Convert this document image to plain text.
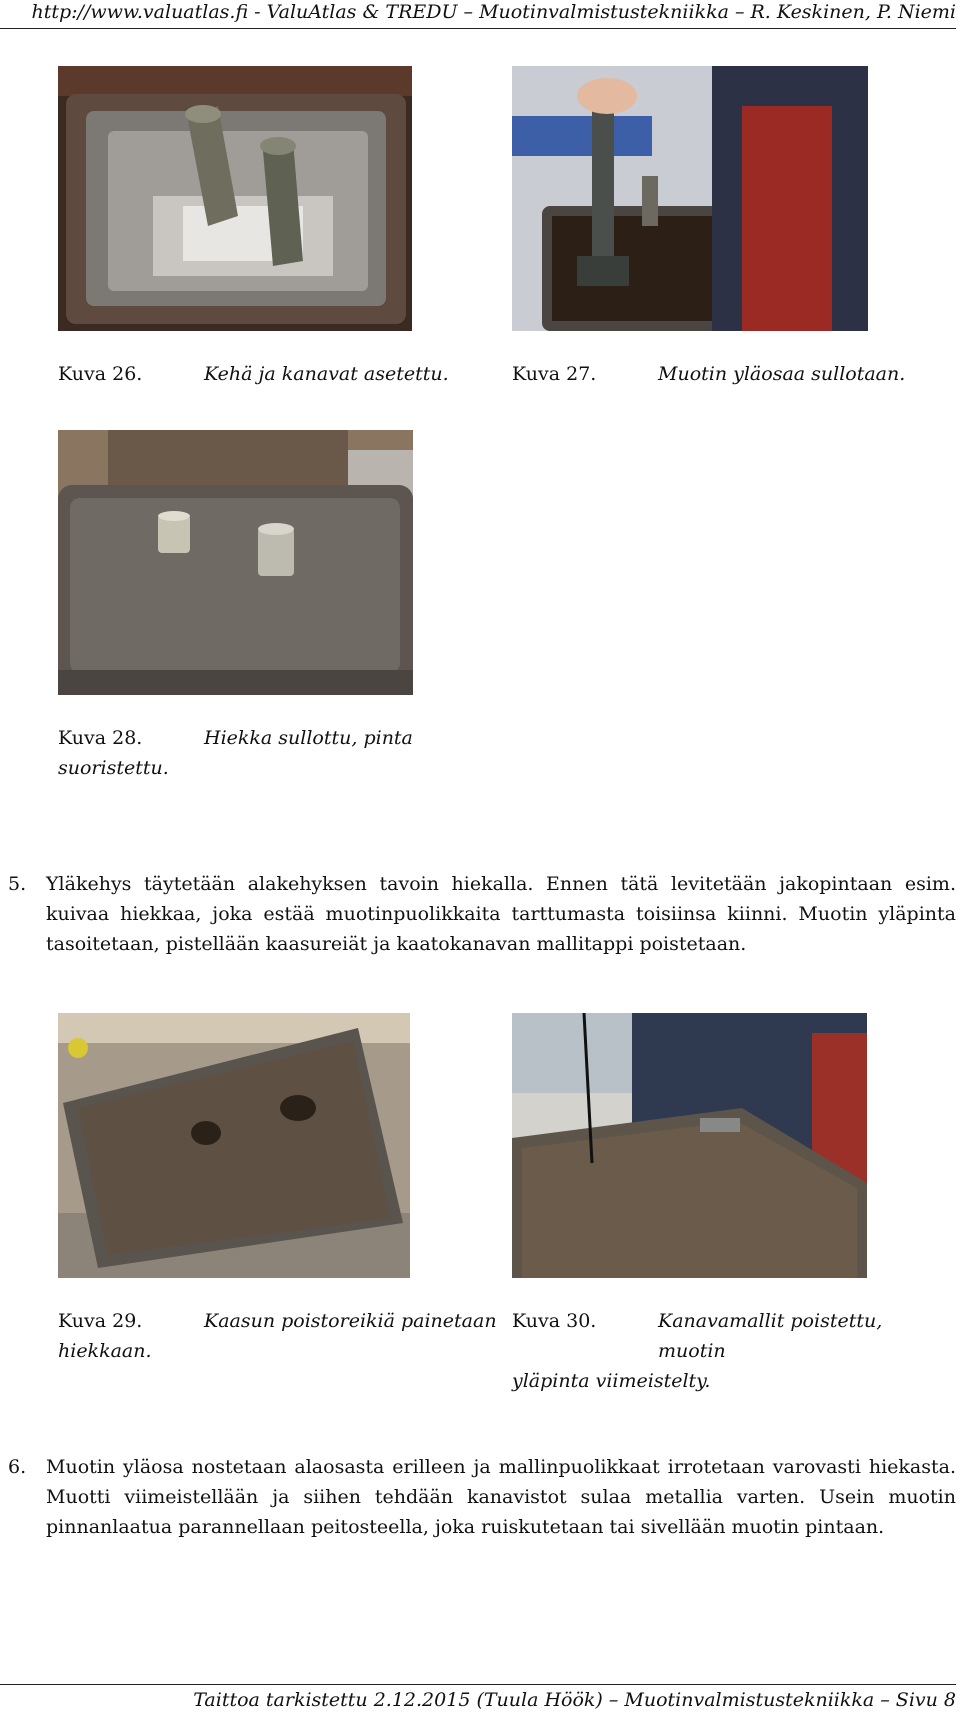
http://www.valuatlas.fi - ValuAtlas & TREDU – Muotinvalmistustekniikka – R. Keskinen, P. Niemi
Kuva 26.	Kehä ja kanavat asetettu.	Kuva 27.	Muotin yläosaa sullotaan.
Kuva 28.	Hiekka sullottu, pinta
suoristettu.
5.	Yläkehys täytetään alakehyksen tavoin hiekalla. Ennen tätä levitetään jakopintaan esim. kuivaa hiekkaa, joka estää muotinpuolikkaita tarttumasta toisiinsa kiinni. Muotin yläpinta tasoitetaan, pistellään kaasureiät ja kaatokanavan mallitappi poistetaan.
Kuva 29.	Kaasun poistoreikiä painetaan
hiekkaan.
Kuva 30.	Kanavamallit poistettu, muotin
yläpinta viimeistelty.
6.	Muotin yläosa nostetaan alaosasta erilleen ja mallinpuolikkaat irrotetaan varovasti hiekasta. Muotti viimeistellään ja siihen tehdään kanavistot sulaa metallia varten. Usein muotin pinnanlaatua parannellaan peitosteella, joka ruiskutetaan tai sivellään muotin pintaan.
Taittoa tarkistettu 2.12.2015 (Tuula Höök) – Muotinvalmistustekniikka – Sivu 8
